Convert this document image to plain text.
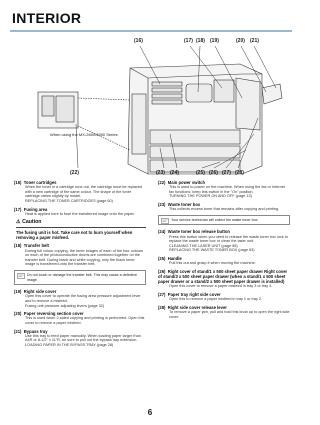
INTERIOR
When using the MX-2600/4500 Series
(16)	(17) (18) (19)	(20) (21)
(22)	(23) (24)	(25) (26) (27) (28)
(16) Toner cartridges
When the toner in a cartridge runs out, the cartridge must be replaced with a new cartridge of the same colour. The shape of the toner cartridge varies slightly by model.
REPLACING THE TONER CARTRIDGES (page 60)
(17) Fusing area
Heat is applied here to fuse the transferred image onto the paper.
⚠ Caution
The fusing unit is hot. Take care not to burn yourself when removing a paper misfeed.
(18) Transfer belt
During full colour copying, the toner images of each of the four colours on each of the photoconductive drums are combined together on the transfer belt. During black and white copying, only the black toner image is transferred onto the transfer belt.
Do not touch or damage the transfer belt. This may cause a defective image.
(19) Right side cover
Open this cover to operate the fusing area pressure adjustment lever and to remove a misfeed.
Fusing unit pressure adjusting levers (page 32)
(20) Paper reversing section cover
This is used when 2-sided copying and printing is performed. Open this cover to remove a paper misfeed.
(21) Bypass tray
Use this tray to feed paper manually. When loading paper larger than A4R or 8-1/2" x 11"R, be sure to pull out the bypass tray extension.
LOADING PAPER IN THE BYPASS TRAY (page 28)
(22) Main power switch
This is used to power on the machine. When using the fax or Internet fax functions, keep this switch in the "On" position.
TURNING THE POWER ON AND OFF (page 13)
(23) Waste toner box
This collects excess toner that remains after copying and printing.
Your service technician will collect the waste toner box.
(24) Waste toner box release button
Press this button when you need to release the waste toner box lock to replace the waste toner box or clean the laser unit.
CLEANING THE LASER UNIT (page 58)
REPLACING THE WASTE TONER BOX (page 63)
(25) Handle
Pull this out and grasp it when moving the machine.
(26) Right cover of stand/1 x 500 sheet paper drawer Right cover of stand/3 x 500 sheet paper drawer (when a stand/1 x 500 sheet paper drawer or a stand/2 x 500 sheet paper drawer is installed)
Open this cover to remove a paper misfeed in tray 3 or tray 4.
(27) Paper tray right side cover
Open this to remove a paper misfeed in tray 1 or tray 2.
(28) Right side cover release lever
To remove a paper jam, pull and hold this knob up to open the right side cover.
6
